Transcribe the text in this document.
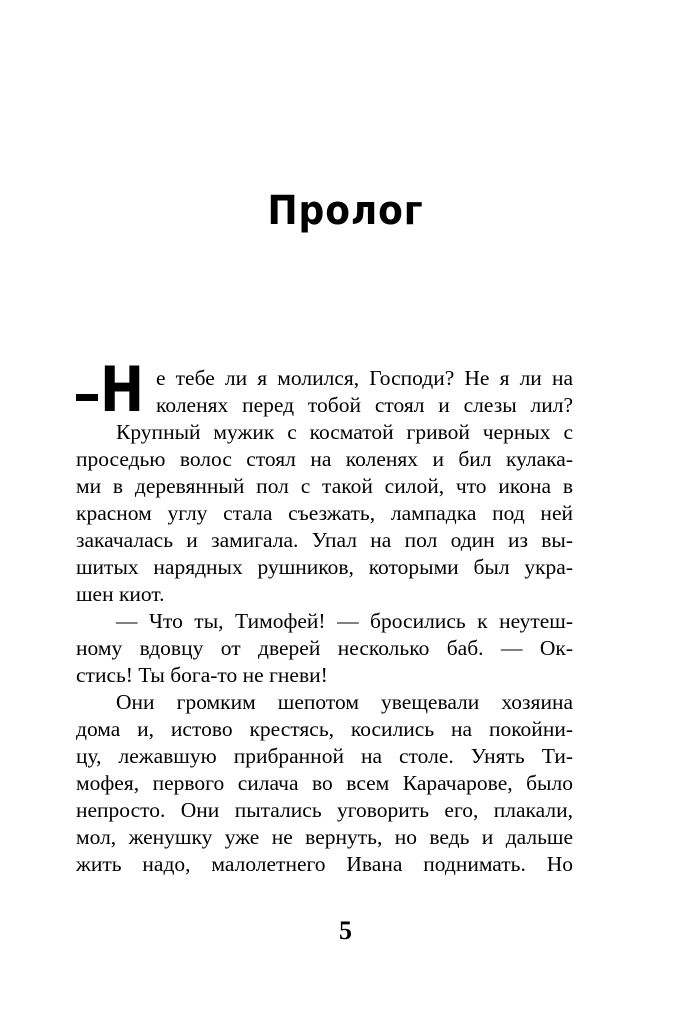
Пролог
Н е тебе ли я молился, Господи? Не я ли на
коленях перед тобой стоял и слезы лил?
Крупный мужик с косматой гривой черных с
проседью волос стоял на коленях и бил кулака-
ми в деревянный пол с такой силой, что икона в
красном углу стала съезжать, лампадка под ней
закачалась и замигала. Упал на пол один из вы-
шитых нарядных рушников, которыми был укра-
шен киот.
— Что ты, Тимофей! — бросились к неутеш-
ному вдовцу от дверей несколько баб. — Ок-
стись! Ты бога-то не гневи!
Они громким шепотом увещевали хозяина
дома и, истово крестясь, косились на покойни-
цу, лежавшую прибранной на столе. Унять Ти-
мофея, первого силача во всем Карачарове, было
непросто. Они пытались уговорить его, плакали,
мол, женушку уже не вернуть, но ведь и дальше
жить надо, малолетнего Ивана поднимать. Но
5
